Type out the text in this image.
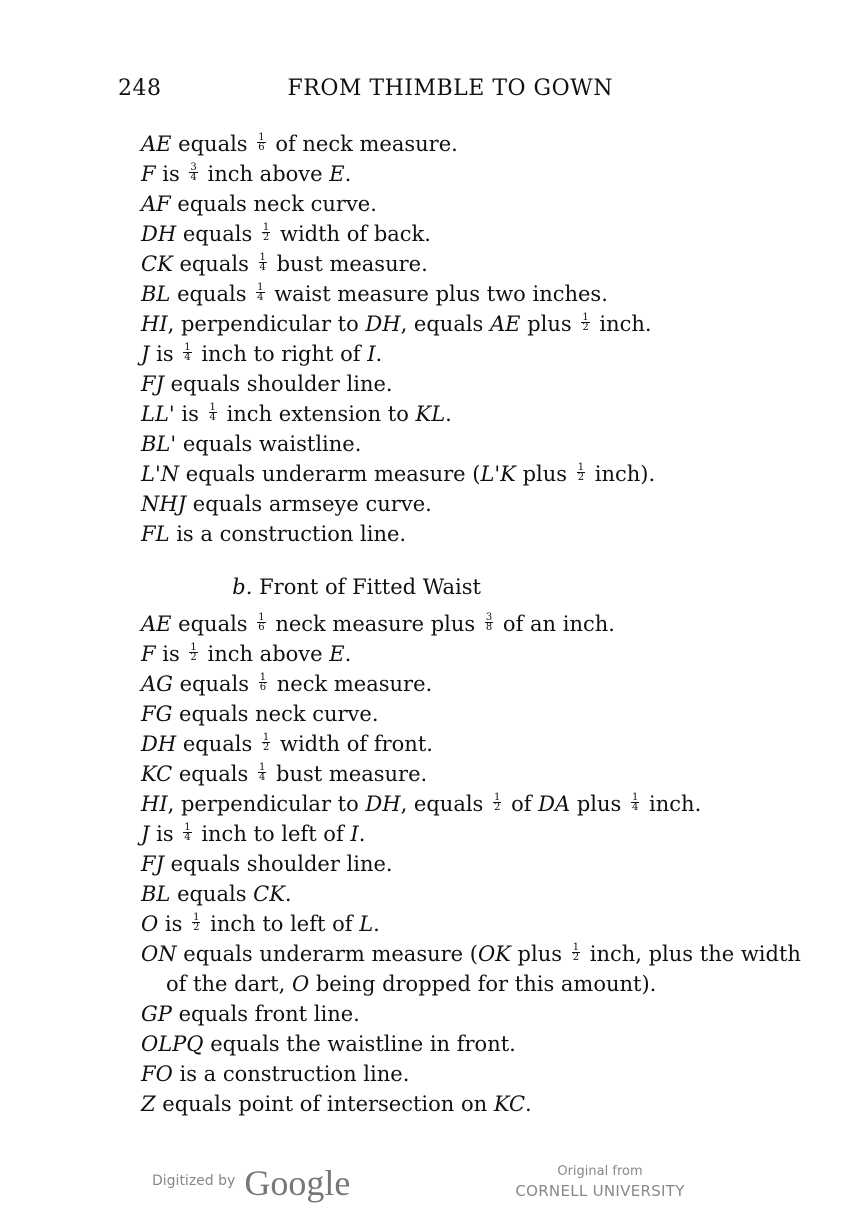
248	FROM THIMBLE TO GOWN
AE equals $\frac{1}{6}$ of neck measure.
F is $\frac{3}{4}$ inch above E.
AF equals neck curve.
DH equals $\frac{1}{2}$ width of back.
CK equals $\frac{1}{4}$ bust measure.
BL equals $\frac{1}{4}$ waist measure plus two inches.
HI, perpendicular to DH, equals AE plus $\frac{1}{2}$ inch.
J is $\frac{1}{4}$ inch to right of I.
FJ equals shoulder line.
LL' is $\frac{1}{4}$ inch extension to KL.
BL' equals waistline.
L'N equals underarm measure (L'K plus $\frac{1}{2}$ inch).
NHJ equals armseye curve.
FL is a construction line.
b. Front of Fitted Waist
AE equals $\frac{1}{6}$ neck measure plus $\frac{3}{8}$ of an inch.
F is $\frac{1}{2}$ inch above E.
AG equals $\frac{1}{6}$ neck measure.
FG equals neck curve.
DH equals $\frac{1}{2}$ width of front.
KC equals $\frac{1}{4}$ bust measure.
HI, perpendicular to DH, equals $\frac{1}{2}$ of DA plus $\frac{1}{4}$ inch.
J is $\frac{1}{4}$ inch to left of I.
FJ equals shoulder line.
BL equals CK.
O is $\frac{1}{2}$ inch to left of L.
ON equals underarm measure (OK plus $\frac{1}{2}$ inch, plus the width
of the dart, O being dropped for this amount).
GP equals front line.
OLPQ equals the waistline in front.
FO is a construction line.
Z equals point of intersection on KC.
Digitized by Google	Original from
CORNELL UNIVERSITY
